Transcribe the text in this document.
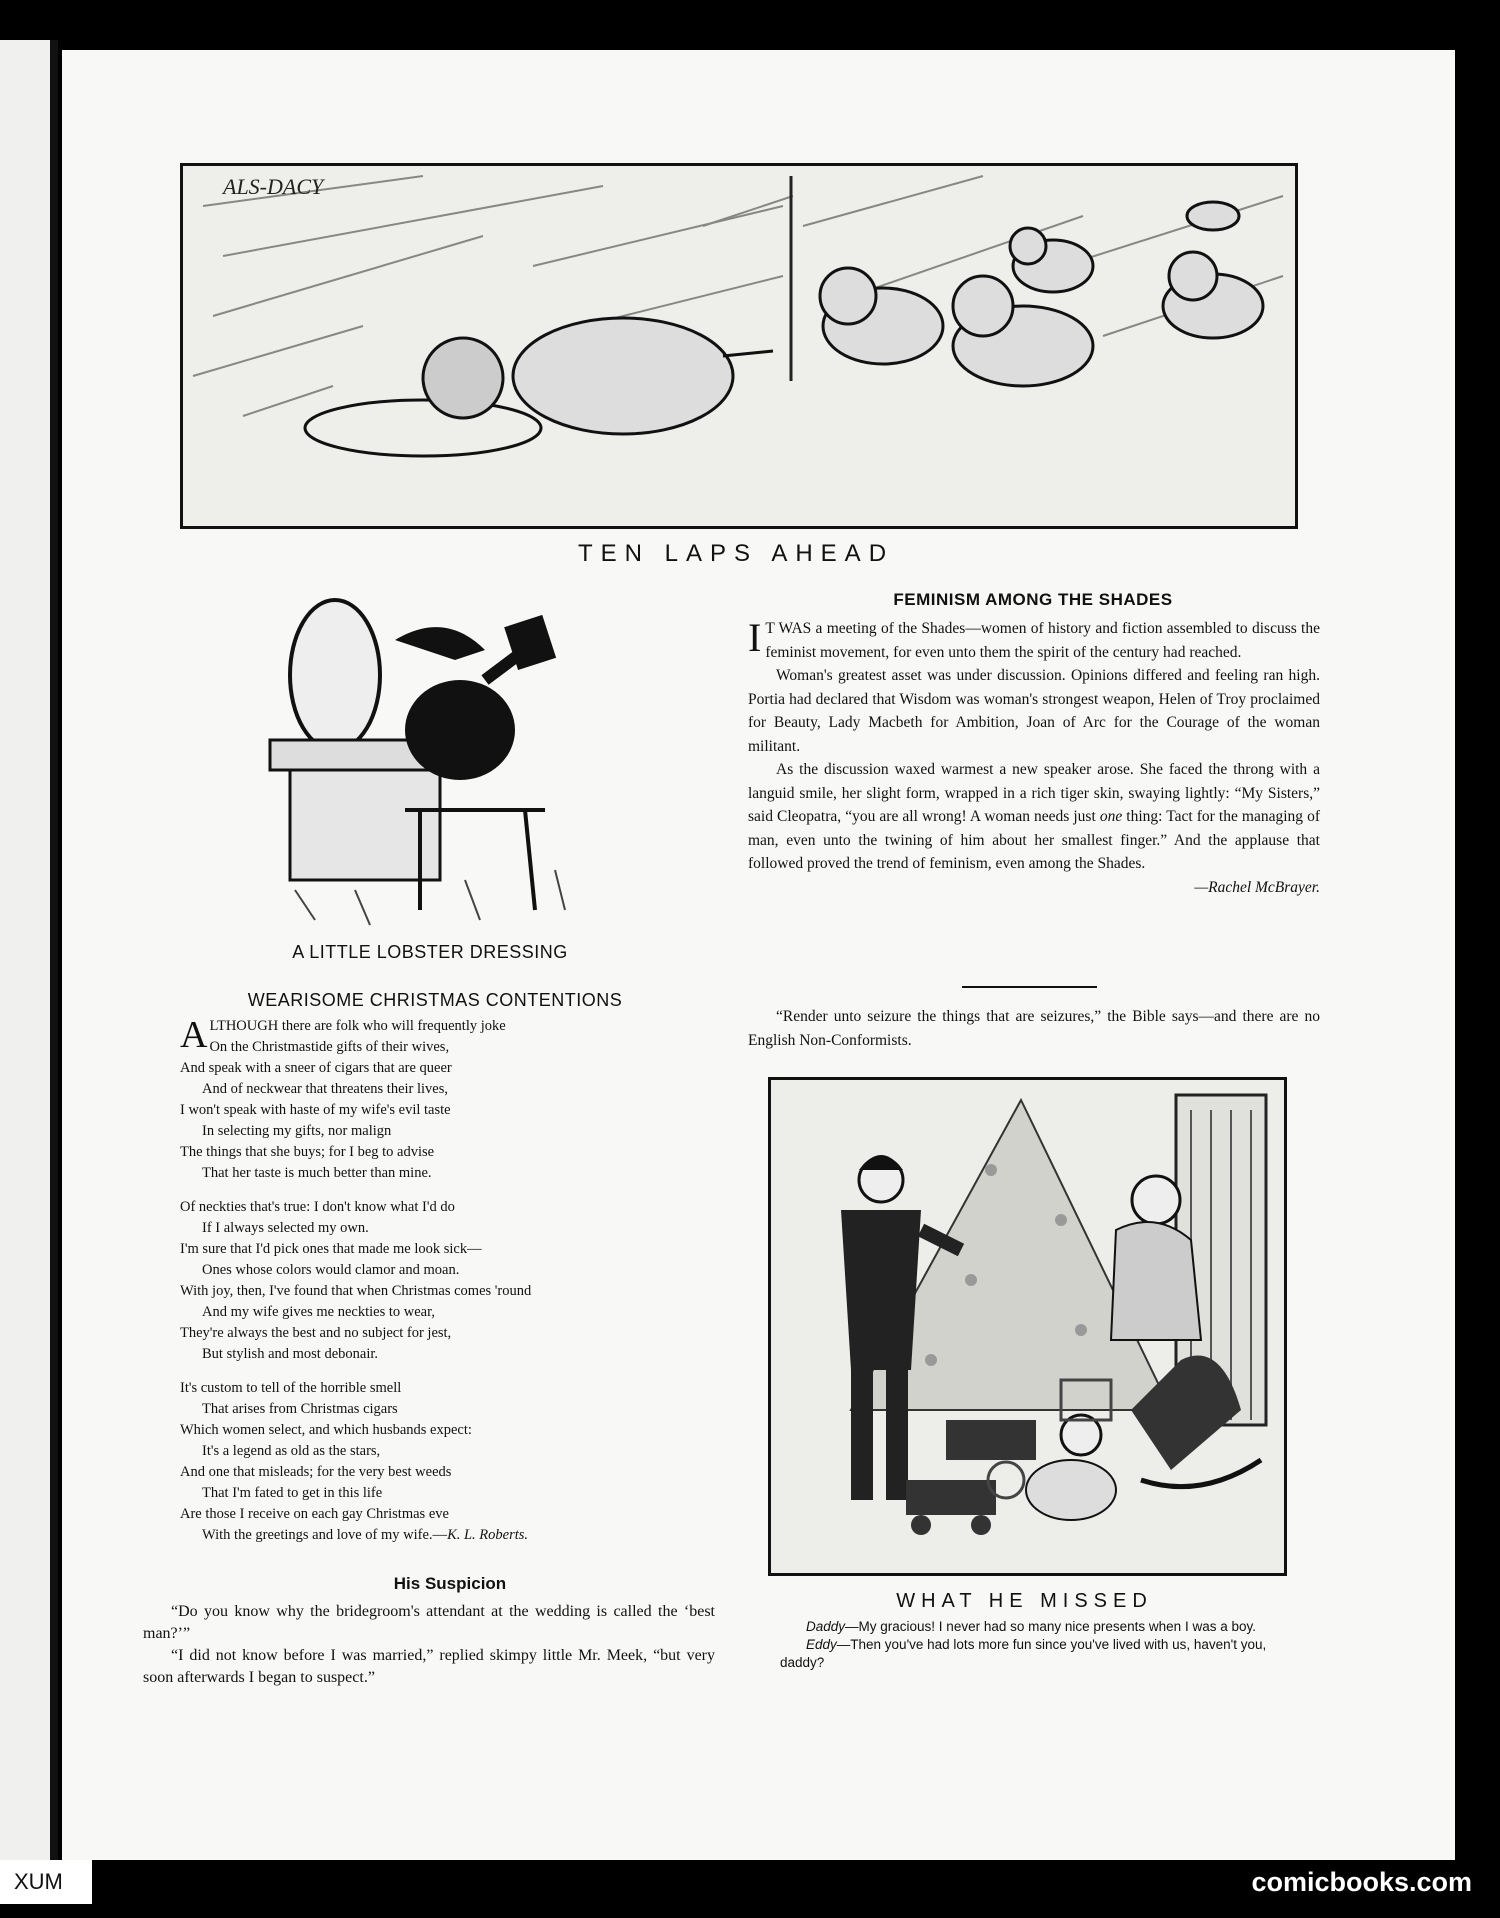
ALS-DACY
TEN LAPS AHEAD
A LITTLE LOBSTER DRESSING
WEARISOME CHRISTMAS CONTENTIONS
A LTHOUGH there are folk who will frequently joke
On the Christmastide gifts of their wives,
And speak with a sneer of cigars that are queer
And of neckwear that threatens their lives,
I won't speak with haste of my wife's evil taste
In selecting my gifts, nor malign
The things that she buys; for I beg to advise
That her taste is much better than mine.
Of neckties that's true: I don't know what I'd do
If I always selected my own.
I'm sure that I'd pick ones that made me look sick—
Ones whose colors would clamor and moan.
With joy, then, I've found that when Christmas comes 'round
And my wife gives me neckties to wear,
They're always the best and no subject for jest,
But stylish and most debonair.
It's custom to tell of the horrible smell
That arises from Christmas cigars
Which women select, and which husbands expect:
It's a legend as old as the stars,
And one that misleads; for the very best weeds
That I'm fated to get in this life
Are those I receive on each gay Christmas eve
With the greetings and love of my wife.—K. L. Roberts.
His Suspicion

“Do you know why the bridegroom's attendant at the wedding is called the ‘best man?’”

“I did not know before I was married,” replied skimpy little Mr. Meek, “but very soon afterwards I began to suspect.”

FEMINISM AMONG THE SHADES

I T WAS a meeting of the Shades—women of history and fiction assembled to discuss the feminist movement, for even unto them the spirit of the century had reached.

Woman's greatest asset was under discussion. Opinions differed and feeling ran high. Portia had declared that Wisdom was woman's strongest weapon, Helen of Troy proclaimed for Beauty, Lady Macbeth for Ambition, Joan of Arc for the Courage of the woman militant.

As the discussion waxed warmest a new speaker arose. She faced the throng with a languid smile, her slight form, wrapped in a rich tiger skin, swaying lightly: “My Sisters,” said Cleopatra, “you are all wrong! A woman needs just one thing: Tact for the managing of man, even unto the twining of him about her smallest finger.” And the applause that followed proved the trend of feminism, even among the Shades.

—Rachel McBrayer.

“Render unto seizure the things that are seizures,” the Bible says—and there are no English Non-Conformists.

WHAT HE MISSED

Daddy—My gracious! I never had so many nice presents when I was a boy.

Eddy—Then you've had lots more fun since you've lived with us, haven't you, daddy?

XUM	comicbooks.com
